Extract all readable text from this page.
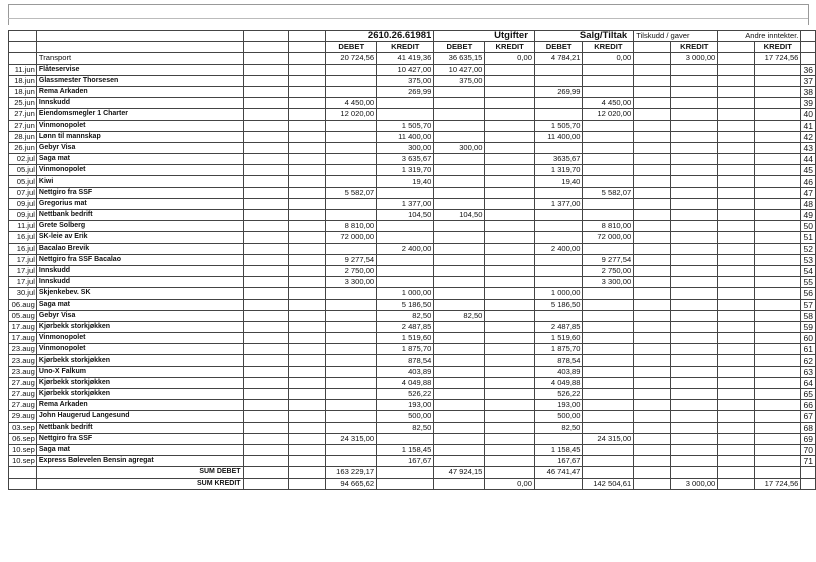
				2610.26.61981		Utgifter		Salg/Tiltak		Tilskudd / gaver		Andre inntekter.		
				DEBET	KREDIT	DEBET	KREDIT	DEBET	KREDIT		KREDIT		KREDIT	
	Transport			20 724,56	41 419,36	36 635,15	0,00	4 784,21	0,00		3 000,00		17 724,56	
11.jun	Flåteservise				10 427,00	10 427,00								36
18.jun	Glassmester Thorsesen				375,00	375,00								37
18.jun	Rema Arkaden				269,99			269,99						38
25.jun	Innskudd			4 450,00					4 450,00					39
27.jun	Eiendomsmegler 1 Charter			12 020,00					12 020,00					40
27.jun	Vinmonopolet				1 505,70			1 505,70						41
28.jun	Lønn til mannskap				11 400,00			11 400,00						42
26.jun	Gebyr Visa				300,00	300,00								43
02.jul	Saga mat				3 635,67			3635,67						44
05.jul	Vinmonopolet				1 319,70			1 319,70						45
05.jul	Kiwi				19,40			19,40						46
07.jul	Nettgiro fra SSF			5 582,07					5 582,07					47
09.jul	Gregorius mat				1 377,00			1 377,00						48
09.jul	Nettbank bedrift				104,50	104,50								49
11.jul	Grete Solberg			8 810,00					8 810,00					50
16.jul	SK-leie av Erik			72 000,00					72 000,00					51
16.jul	Bacalao Brevik				2 400,00			2 400,00						52
17.jul	Nettgiro fra SSF Bacalao			9 277,54					9 277,54					53
17.jul	Innskudd			2 750,00					2 750,00					54
17.jul	Innskudd			3 300,00					3 300,00					55
30.jul	Skjenkebev. SK				1 000,00			1 000,00						56
06.aug	Saga mat				5 186,50			5 186,50						57
05.aug	Gebyr Visa				82,50	82,50								58
17.aug	Kjørbekk storkjøkken				2 487,85			2 487,85						59
17.aug	Vinmonopolet				1 519,60			1 519,60						60
23.aug	Vinmonopolet				1 875,70			1 875,70						61
23.aug	Kjørbekk storkjøkken				878,54			878,54						62
23.aug	Uno-X Falkum				403,89			403,89						63
27.aug	Kjørbekk storkjøkken				4 049,88			4 049,88						64
27.aug	Kjørbekk storkjøkken				526,22			526,22						65
27.aug	Rema Arkaden				193,00			193,00						66
29.aug	John Haugerud Langesund				500,00			500,00						67
03.sep	Nettbank bedrift				82,50			82,50						68
06.sep	Nettgiro fra SSF			24 315,00					24 315,00					69
10.sep	Saga mat				1 158,45			1 158,45						70
10.sep	Express Bølevelen Bensin agregat				167,67			167,67						71
	SUM DEBET			163 229,17		47 924,15		46 741,47						
	SUM KREDIT			94 665,62			0,00		142 504,61		3 000,00		17 724,56	
